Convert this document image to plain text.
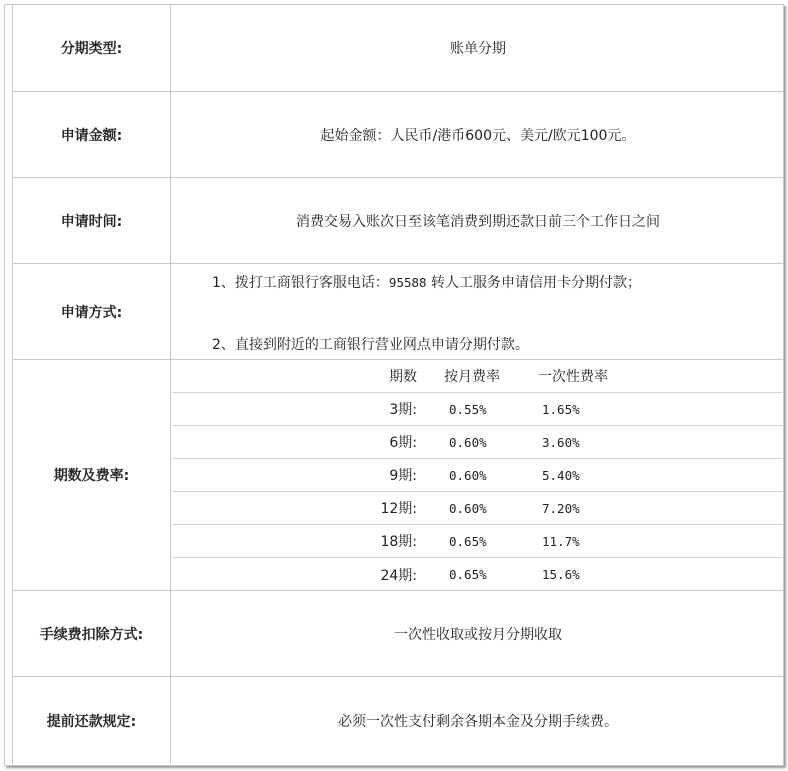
分期类型:	账单分期
申请金额:	起始金额：人民币/港币600元、美元/欧元100元。
申请时间:	消费交易入账次日至该笔消费到期还款日前三个工作日之间
申请方式:
1、拨打工商银行客服电话：95588 转人工服务申请信用卡分期付款；
2、直接到附近的工商银行营业网点申请分期付款。
期数及费率:
期数 按月费率	一次性费率
3期:	0.55%	1.65%
6期:	0.60%	3.60%
9期:	0.60%	5.40%
12期:	0.60%	7.20%
18期:	0.65%	11.7%
24期:	0.65%	15.6%
手续费扣除方式:	一次性收取或按月分期收取
提前还款规定:	必须一次性支付剩余各期本金及分期手续费。
